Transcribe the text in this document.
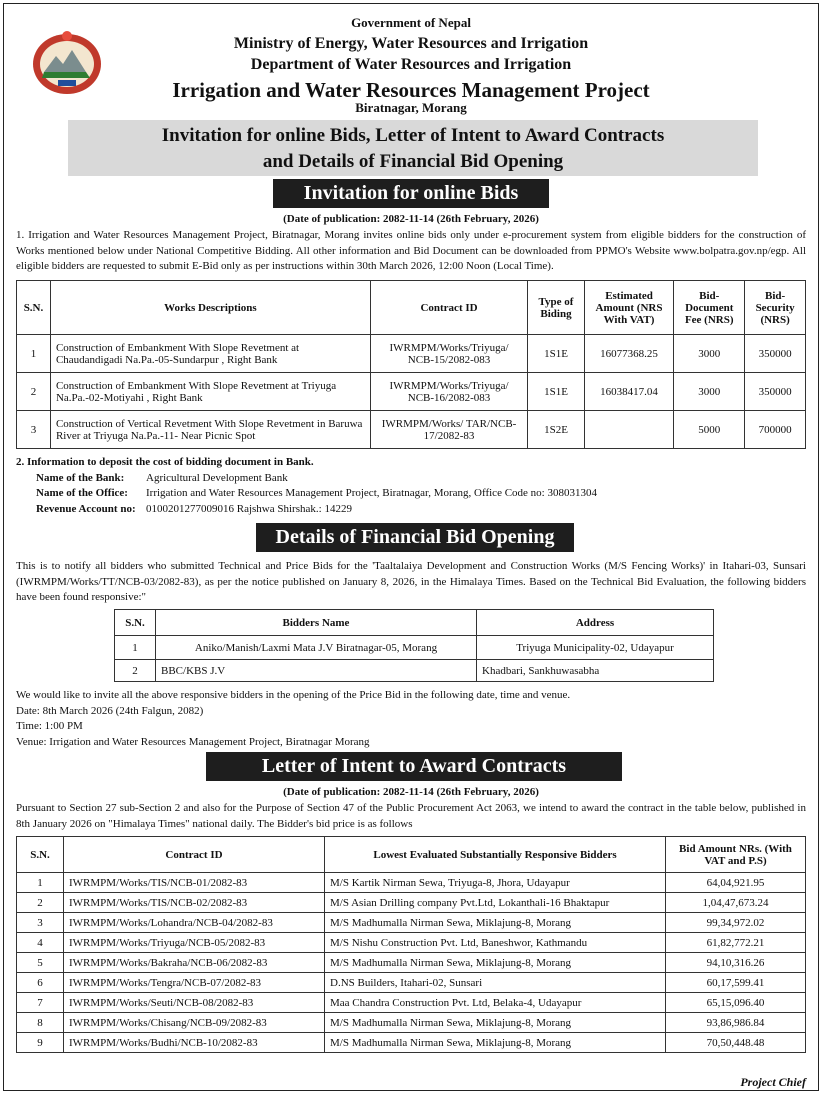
Government of Nepal
Ministry of Energy, Water Resources and Irrigation
Department of Water Resources and Irrigation
Irrigation and Water Resources Management Project
Biratnagar, Morang
Invitation for online Bids, Letter of Intent to Award Contracts
and Details of Financial Bid Opening
Invitation for online Bids
(Date of publication: 2082-11-14 (26th February, 2026)
1. Irrigation and Water Resources Management Project, Biratnagar, Morang invites online bids only under e-procurement system from eligible bidders for the construction of Works mentioned below under National Competitive Bidding. All other information and Bid Document can be downloaded from PPMO's Website www.bolpatra.gov.np/egp. All eligible bidders are requested to submit E-Bid only as per instructions within 30th March 2026, 12:00 Noon (Local Time).
S.N.	Works Descriptions	Contract ID	Type of Biding	Estimated Amount (NRS With VAT)	Bid-Document Fee (NRS)	Bid-Security (NRS)
1	Construction of Embankment With Slope Revetment at Chaudandigadi Na.Pa.-05-Sundarpur , Right Bank	IWRMPM/Works/Triyuga/ NCB-15/2082-083	1S1E	16077368.25	3000	350000
2	Construction of Embankment With Slope Revetment at Triyuga Na.Pa.-02-Motiyahi , Right Bank	IWRMPM/Works/Triyuga/ NCB-16/2082-083	1S1E	16038417.04	3000	350000
3	Construction of Vertical Revetment With Slope Revetment in Baruwa River at Triyuga Na.Pa.-11- Near Picnic Spot	IWRMPM/Works/ TAR/NCB-17/2082-83	1S2E		5000	700000
2. Information to deposit the cost of bidding document in Bank.
Name of the Bank: Agricultural Development Bank
Name of the Office: Irrigation and Water Resources Management Project, Biratnagar, Morang, Office Code no: 308031304
Revenue Account no: 0100201277009016 Rajshwa Shirshak.: 14229
Details of Financial Bid Opening
This is to notify all bidders who submitted Technical and Price Bids for the 'Taaltalaiya Development and Construction Works (M/S Fencing Works)' in Itahari-03, Sunsari (IWRMPM/Works/TT/NCB-03/2082-83), as per the notice published on January 8, 2026, in the Himalaya Times. Based on the Technical Bid Evaluation, the following bidders have been found responsive:"
S.N.	Bidders Name	Address
1	Aniko/Manish/Laxmi Mata J.V Biratnagar-05, Morang	Triyuga Municipality-02, Udayapur
2	BBC/KBS J.V	Khadbari, Sankhuwasabha
We would like to invite all the above responsive bidders in the opening of the Price Bid in the following date, time and venue.
Date: 8th March 2026 (24th Falgun, 2082)
Time: 1:00 PM
Venue: Irrigation and Water Resources Management Project, Biratnagar Morang
Letter of Intent to Award Contracts
(Date of publication: 2082-11-14 (26th February, 2026)
Pursuant to Section 27 sub-Section 2 and also for the Purpose of Section 47 of the Public Procurement Act 2063, we intend to award the contract in the table below, published in 8th January 2026 on "Himalaya Times" national daily. The Bidder's bid price is as follows
S.N.	Contract ID	Lowest Evaluated Substantially Responsive Bidders	Bid Amount NRs. (With VAT and P.S)
1	IWRMPM/Works/TIS/NCB-01/2082-83	M/S Kartik Nirman Sewa, Triyuga-8, Jhora, Udayapur	64,04,921.95
2	IWRMPM/Works/TIS/NCB-02/2082-83	M/S Asian Drilling company Pvt.Ltd, Lokanthali-16 Bhaktapur	1,04,47,673.24
3	IWRMPM/Works/Lohandra/NCB-04/2082-83	M/S Madhumalla Nirman Sewa, Miklajung-8, Morang	99,34,972.02
4	IWRMPM/Works/Triyuga/NCB-05/2082-83	M/S Nishu Construction Pvt. Ltd, Baneshwor, Kathmandu	61,82,772.21
5	IWRMPM/Works/Bakraha/NCB-06/2082-83	M/S Madhumalla Nirman Sewa, Miklajung-8, Morang	94,10,316.26
6	IWRMPM/Works/Tengra/NCB-07/2082-83	D.NS Builders, Itahari-02, Sunsari	60,17,599.41
7	IWRMPM/Works/Seuti/NCB-08/2082-83	Maa Chandra Construction Pvt. Ltd, Belaka-4, Udayapur	65,15,096.40
8	IWRMPM/Works/Chisang/NCB-09/2082-83	M/S Madhumalla Nirman Sewa, Miklajung-8, Morang	93,86,986.84
9	IWRMPM/Works/Budhi/NCB-10/2082-83	M/S Madhumalla Nirman Sewa, Miklajung-8, Morang	70,50,448.48
Project Chief
